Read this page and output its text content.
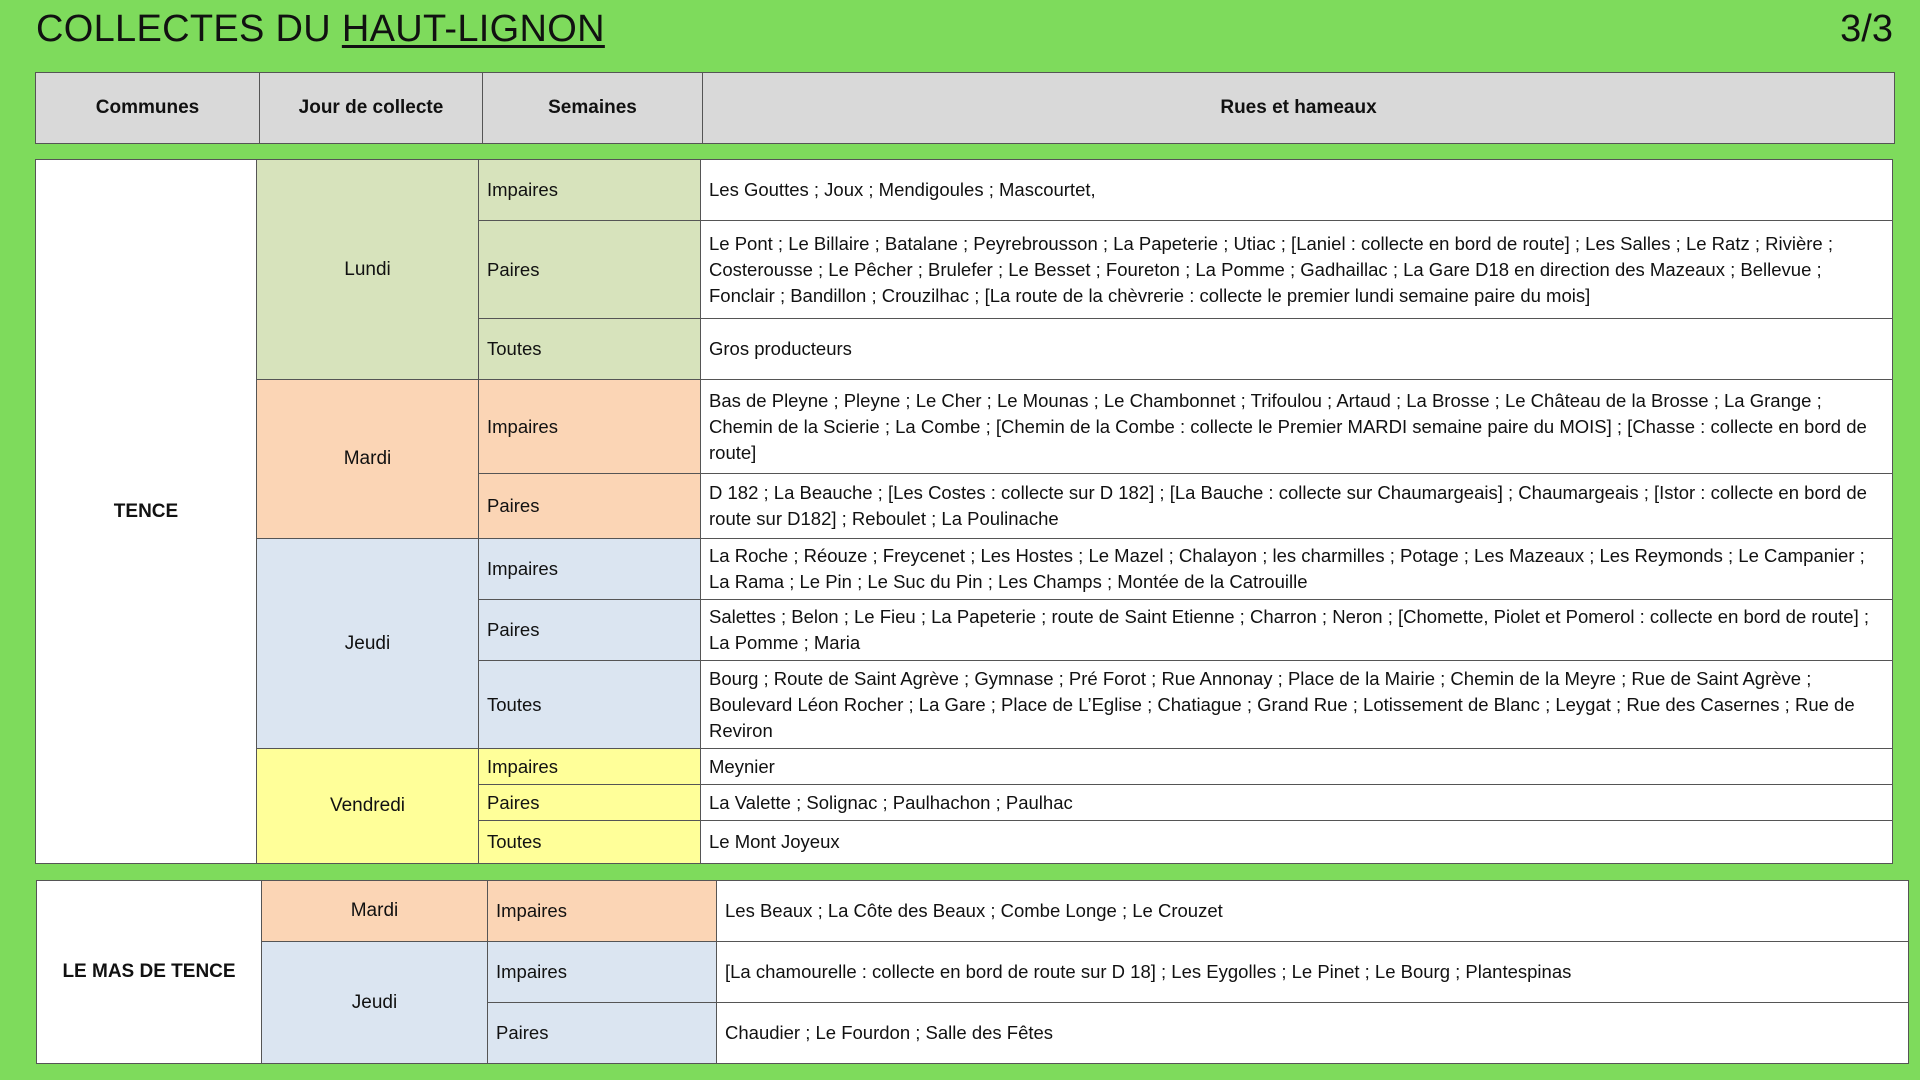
COLLECTES DU HAUT-LIGNON	3/3
Communes	Jour de collecte	Semaines	Rues et hameaux
TENCE	Lundi	Impaires	Les Gouttes ; Joux ; Mendigoules ; Mascourtet,
		Paires	Le Pont ; Le Billaire ; Batalane ; Peyrebrousson ; La Papeterie ; Utiac ; [Laniel : collecte en bord de route] ; Les Salles ; Le Ratz ; Rivière ; Costerousse ; Le Pêcher ; Brulefer ; Le Besset ; Foureton ; La Pomme ; Gadhaillac ; La Gare D18 en direction des Mazeaux ; Bellevue ; Fonclair ; Bandillon ; Crouzilhac ; [La route de la chèvrerie : collecte le premier lundi semaine paire du mois]
		Toutes	Gros producteurs
	Mardi	Impaires	Bas de Pleyne ; Pleyne ; Le Cher ; Le Mounas ; Le Chambonnet ; Trifoulou ; Artaud ; La Brosse ; Le Château de la Brosse ; La Grange ; Chemin de la Scierie ; La Combe ; [Chemin de la Combe : collecte le Premier MARDI semaine paire du MOIS] ; [Chasse : collecte en bord de route]
		Paires	D 182 ; La Beauche ; [Les Costes : collecte sur D 182] ; [La Bauche : collecte sur Chaumargeais] ; Chaumargeais ; [Istor : collecte en bord de route sur D182] ; Reboulet ; La Poulinache
	Jeudi	Impaires	La Roche ; Réouze ; Freycenet ; Les Hostes ; Le Mazel ; Chalayon ; les charmilles ; Potage ; Les Mazeaux ; Les Reymonds ; Le Campanier ; La Rama ; Le Pin ; Le Suc du Pin ; Les Champs ; Montée de la Catrouille
		Paires	Salettes ; Belon ; Le Fieu ; La Papeterie ; route de Saint Etienne ; Charron ; Neron ; [Chomette, Piolet et Pomerol : collecte en bord de route] ; La Pomme ; Maria
		Toutes	Bourg ; Route de Saint Agrève ; Gymnase ; Pré Forot ; Rue Annonay ; Place de la Mairie ; Chemin de la Meyre ; Rue de Saint Agrève ; Boulevard Léon Rocher ; La Gare ; Place de L’Eglise ; Chatiague ; Grand Rue ; Lotissement de Blanc ; Leygat ; Rue des Casernes ; Rue de Reviron
	Vendredi	Impaires	Meynier
		Paires	La Valette ; Solignac ; Paulhachon ; Paulhac
		Toutes	Le Mont Joyeux
LE MAS DE TENCE	Mardi	Impaires	Les Beaux ; La Côte des Beaux ; Combe Longe ; Le Crouzet
	Jeudi	Impaires	[La chamourelle : collecte en bord de route sur D 18] ; Les Eygolles ; Le Pinet ; Le Bourg ; Plantespinas
		Paires	Chaudier ; Le Fourdon ; Salle des Fêtes
